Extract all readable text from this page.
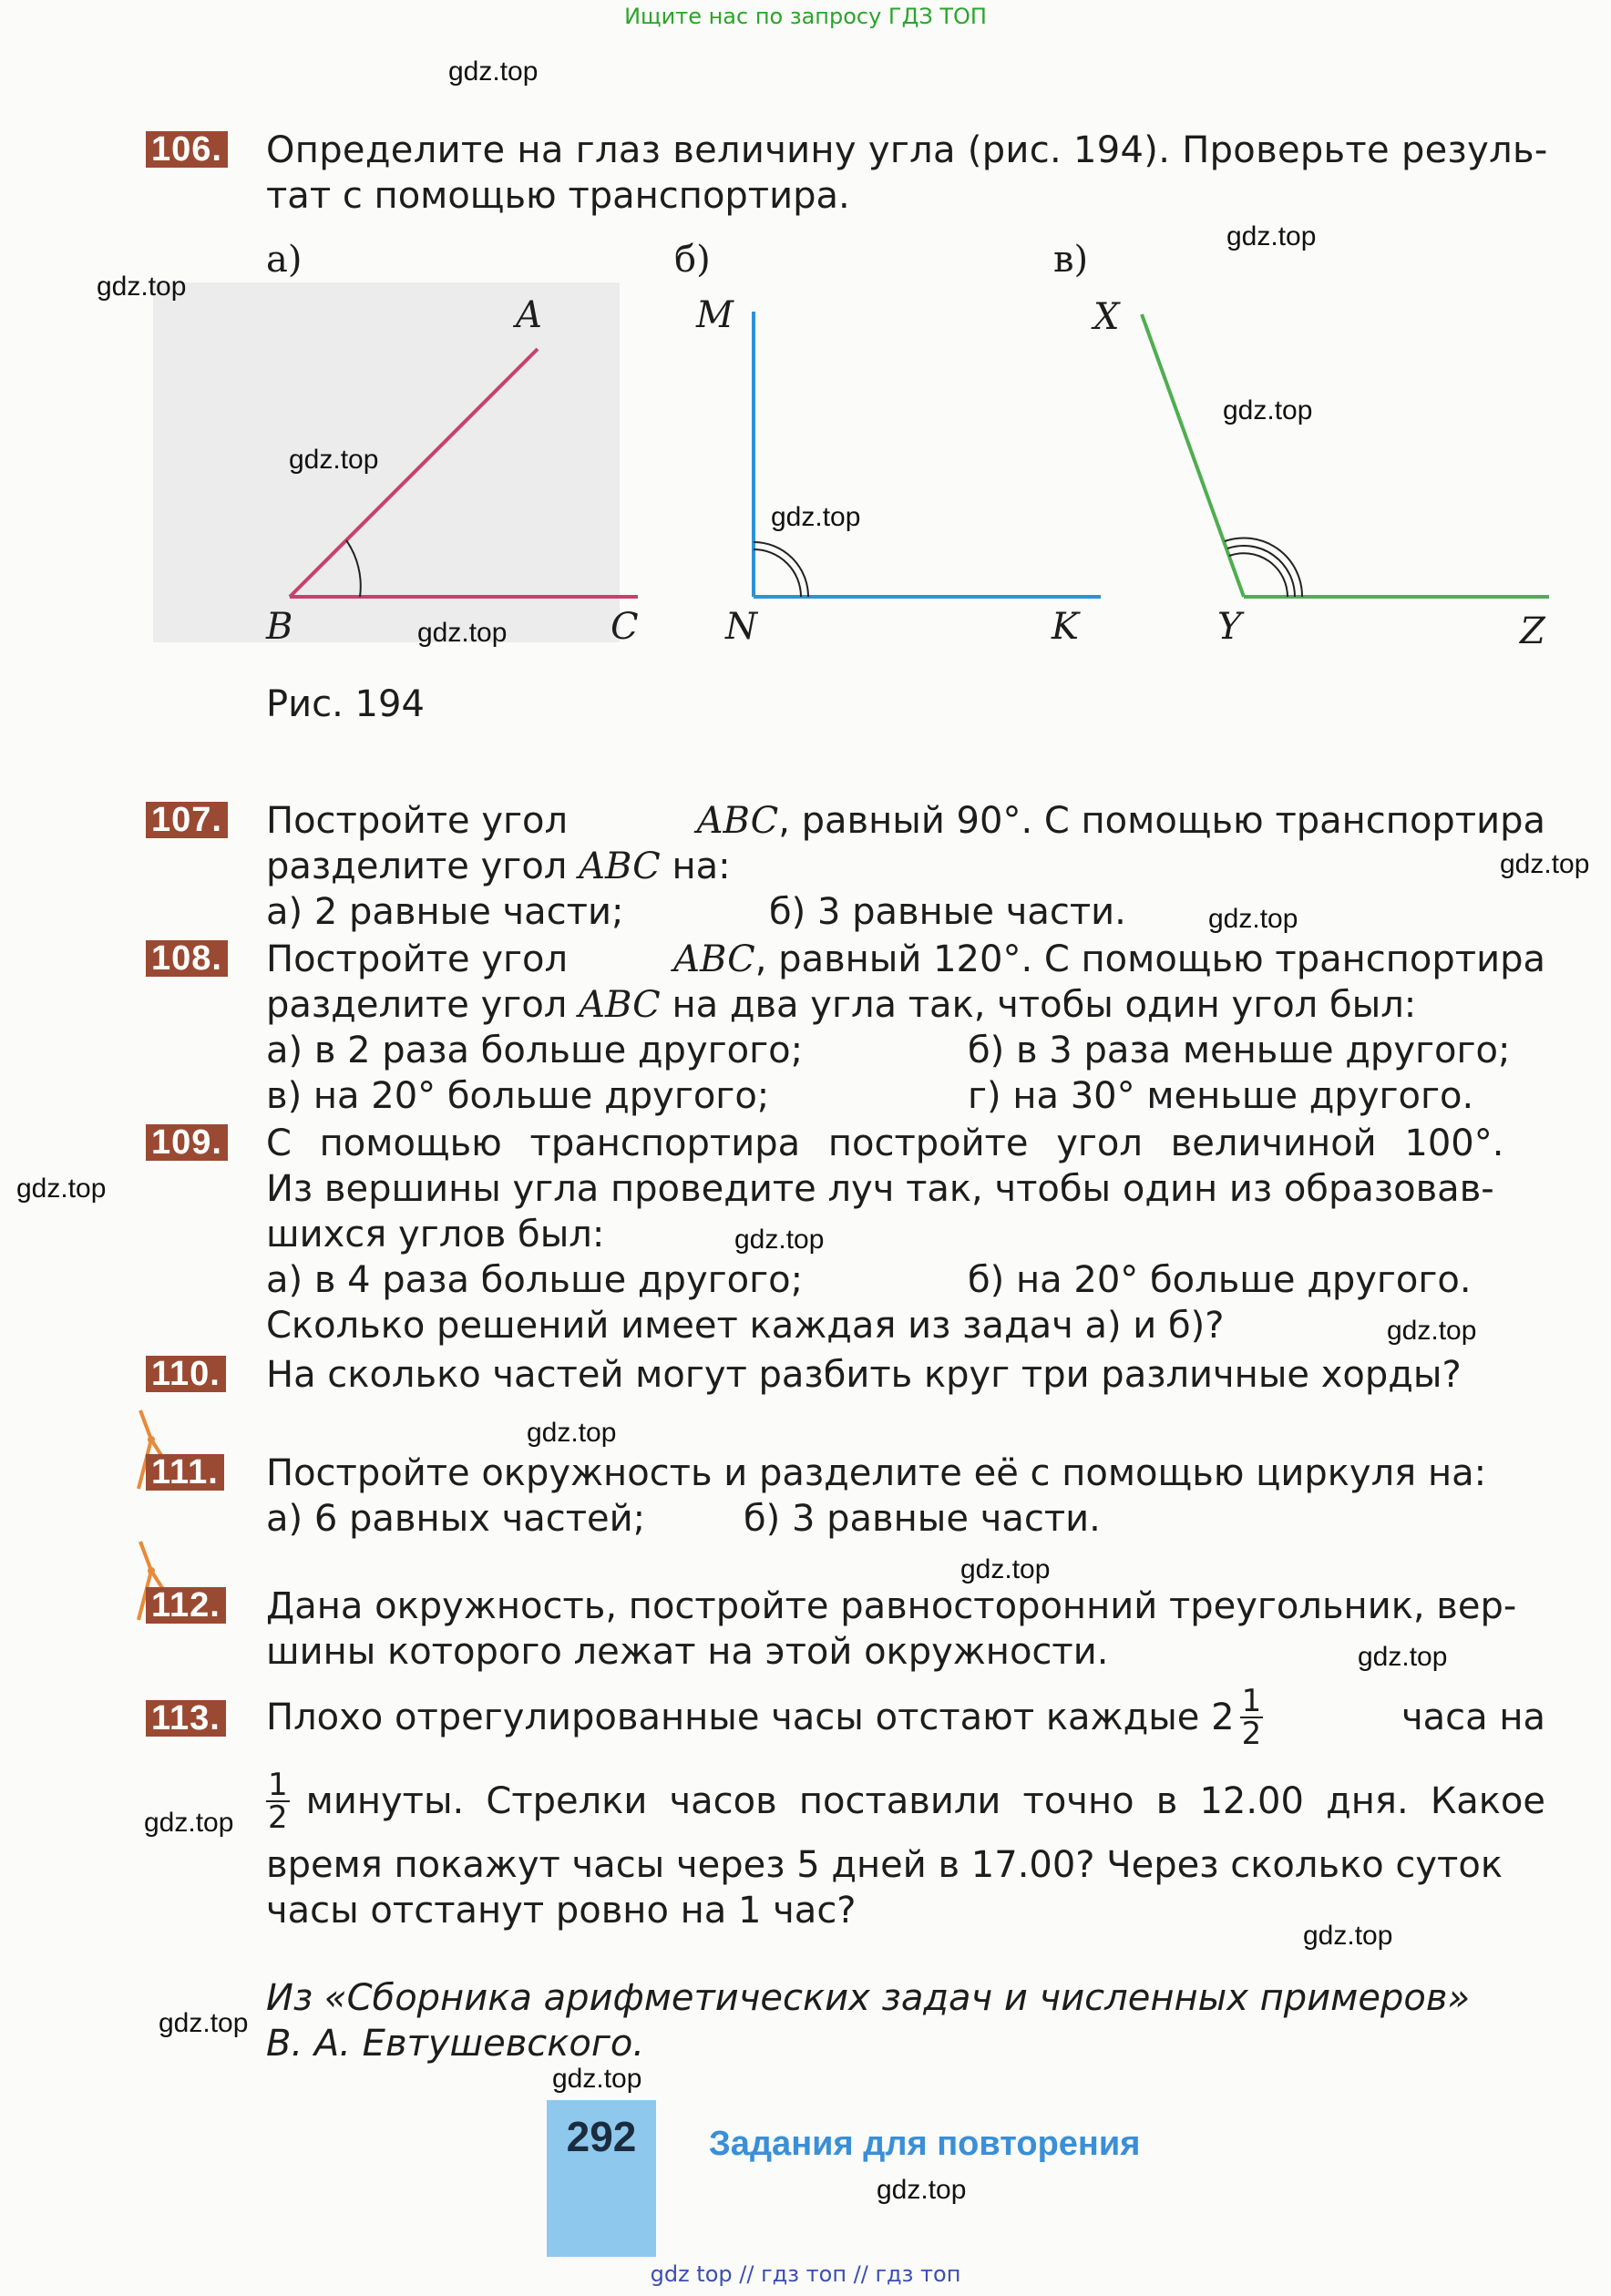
Ищите нас по запросу ГДЗ ТОП
106. Определите на глаз величину угла (рис. 194). Проверьте резуль-
тат с помощью транспортира.
а)	б)	в)
A
B	C
M
N	K
X
Y	Z
Рис. 194
107. Постройте угол	ABC , равный 90°. С помощью транспортира
разделите угол ABC на:
а) 2 равные части;	б) 3 равные части.
108. Постройте угол	ABC , равный 120°. С помощью транспортира
разделите угол ABC на два угла так, чтобы один угол был:
а) в 2 раза больше другого;	б) в 3 раза меньше другого;
в) на 20° больше другого;	г) на 30° меньше другого.
109. С помощью транспортира постройте угол величиной 100°.
Из вершины угла проведите луч так, чтобы один из образовав-
шихся углов был:
а) в 4 раза больше другого;	б) на 20° больше другого.
Сколько решений имеет каждая из задач а) и б)?
110. На сколько частей могут разбить круг три различные хорды?
111. Постройте окружность и разделите её с помощью циркуля на:
а) 6 равных частей;	б) 3 равные части.
112. Дана окружность, постройте равносторонний треугольник, вер-
шины которого лежат на этой окружности.
113. Плохо отрегулированные часы отстают каждые $2 \frac{1}{2}$	часа на
$\frac{1}{2}$ минуты. Стрелки часов поставили точно в 12.00 дня. Какое
время покажут часы через 5 дней в 17.00? Через сколько суток
часы отстанут ровно на 1 час?
Из «Сборника арифметических задач и численных примеров»
В. А. Евтушевского.
292	Задания для повторения
gdz.top
gdz.top
gdz.top
gdz.top
gdz.top
gdz.top
gdz.top
gdz.top
gdz.top
gdz.top
gdz.top
gdz.top
gdz.top
gdz.top
gdz.top
gdz.top
gdz.top
gdz.top
gdz.top
gdz.top
gdz top // гдз топ // гдз топ
